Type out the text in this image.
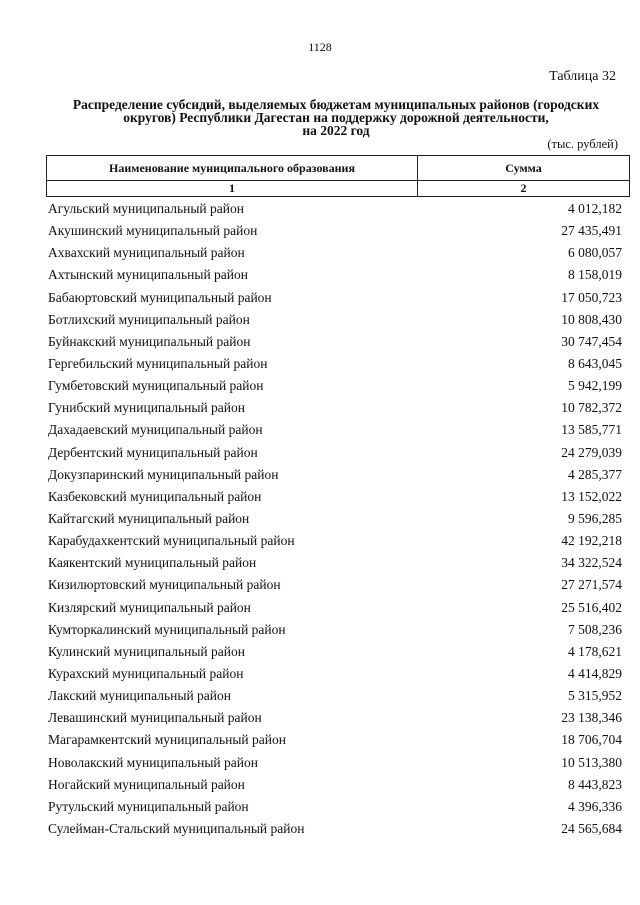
1128
Таблица 32
Распределение субсидий, выделяемых бюджетам муниципальных районов (городских
округов) Республики Дагестан на поддержку дорожной деятельности,
на 2022 год
(тыс. рублей)
Наименование муниципального образования	Сумма
1	2
Агульский муниципальный район	4 012,182
Акушинский муниципальный район	27 435,491
Ахвахский муниципальный район	6 080,057
Ахтынский муниципальный район	8 158,019
Бабаюртовский муниципальный район	17 050,723
Ботлихский муниципальный район	10 808,430
Буйнакский муниципальный район	30 747,454
Гергебильский муниципальный район	8 643,045
Гумбетовский муниципальный район	5 942,199
Гунибский муниципальный район	10 782,372
Дахадаевский муниципальный район	13 585,771
Дербентский муниципальный район	24 279,039
Докузпаринский муниципальный район	4 285,377
Казбековский муниципальный район	13 152,022
Кайтагский муниципальный район	9 596,285
Карабудахкентский муниципальный район	42 192,218
Каякентский муниципальный район	34 322,524
Кизилюртовский муниципальный район	27 271,574
Кизлярский муниципальный район	25 516,402
Кумторкалинский муниципальный район	7 508,236
Кулинский муниципальный район	4 178,621
Курахский муниципальный район	4 414,829
Лакский муниципальный район	5 315,952
Левашинский муниципальный район	23 138,346
Магарамкентский муниципальный район	18 706,704
Новолакский муниципальный район	10 513,380
Ногайский муниципальный район	8 443,823
Рутульский муниципальный район	4 396,336
Сулейман-Стальский муниципальный район	24 565,684
